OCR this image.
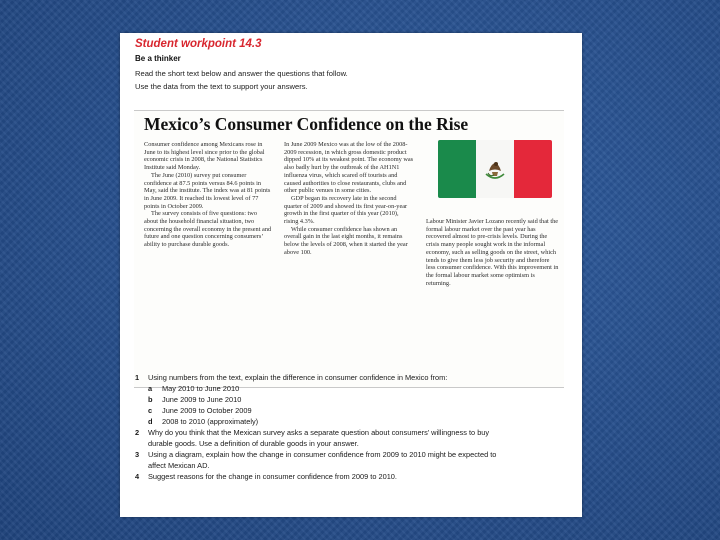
Student workpoint 14.3
Be a thinker

Read the short text below and answer the questions that follow.

Use the data from the text to support your answers.

Mexico’s Consumer Confidence on the Rise

Consumer confidence among Mexicans rose in June to its highest level since prior to the global economic crisis in 2008, the National Statistics Institute said Monday.

The June (2010) survey put consumer confidence at 87.5 points versus 84.6 points in May, said the institute. The index was at 81 points in June 2009. It reached its lowest level of 77 points in October 2009.

The survey consists of five questions: two about the household financial situation, two concerning the overall economy in the present and future and one question concerning consumers’ ability to purchase durable goods.

In June 2009 Mexico was at the low of the 2008-2009 recession, in which gross domestic product dipped 10% at its weakest point. The economy was also badly hurt by the outbreak of the AH1N1 influenza virus, which scared off tourists and caused authorities to close restaurants, clubs and other public venues in some cities.

GDP began its recovery late in the second quarter of 2009 and showed its first year-on-year growth in the first quarter of this year (2010), rising 4.3%.

While consumer confidence has shown an overall gain in the last eight months, it remains below the levels of 2008, when it started the year above 100.

Labour Minister Javier Lozano recently said that the formal labour market over the past year has recovered almost to pre-crisis levels. During the crisis many people sought work in the informal economy, such as selling goods on the street, which tends to give them less job security and therefore less consumer confidence. With this improvement in the formal labour market some optimism is returning.

1 Using numbers from the text, explain the difference in consumer confidence in Mexico from:
a May 2010 to June 2010
b June 2009 to June 2010
c June 2009 to October 2009
d 2008 to 2010 (approximately)
2 Why do you think that the Mexican survey asks a separate question about consumers’ willingness to buy
durable goods. Use a definition of durable goods in your answer.
3 Using a diagram, explain how the change in consumer confidence from 2009 to 2010 might be expected to
affect Mexican AD.
4 Suggest reasons for the change in consumer confidence from 2009 to 2010.
